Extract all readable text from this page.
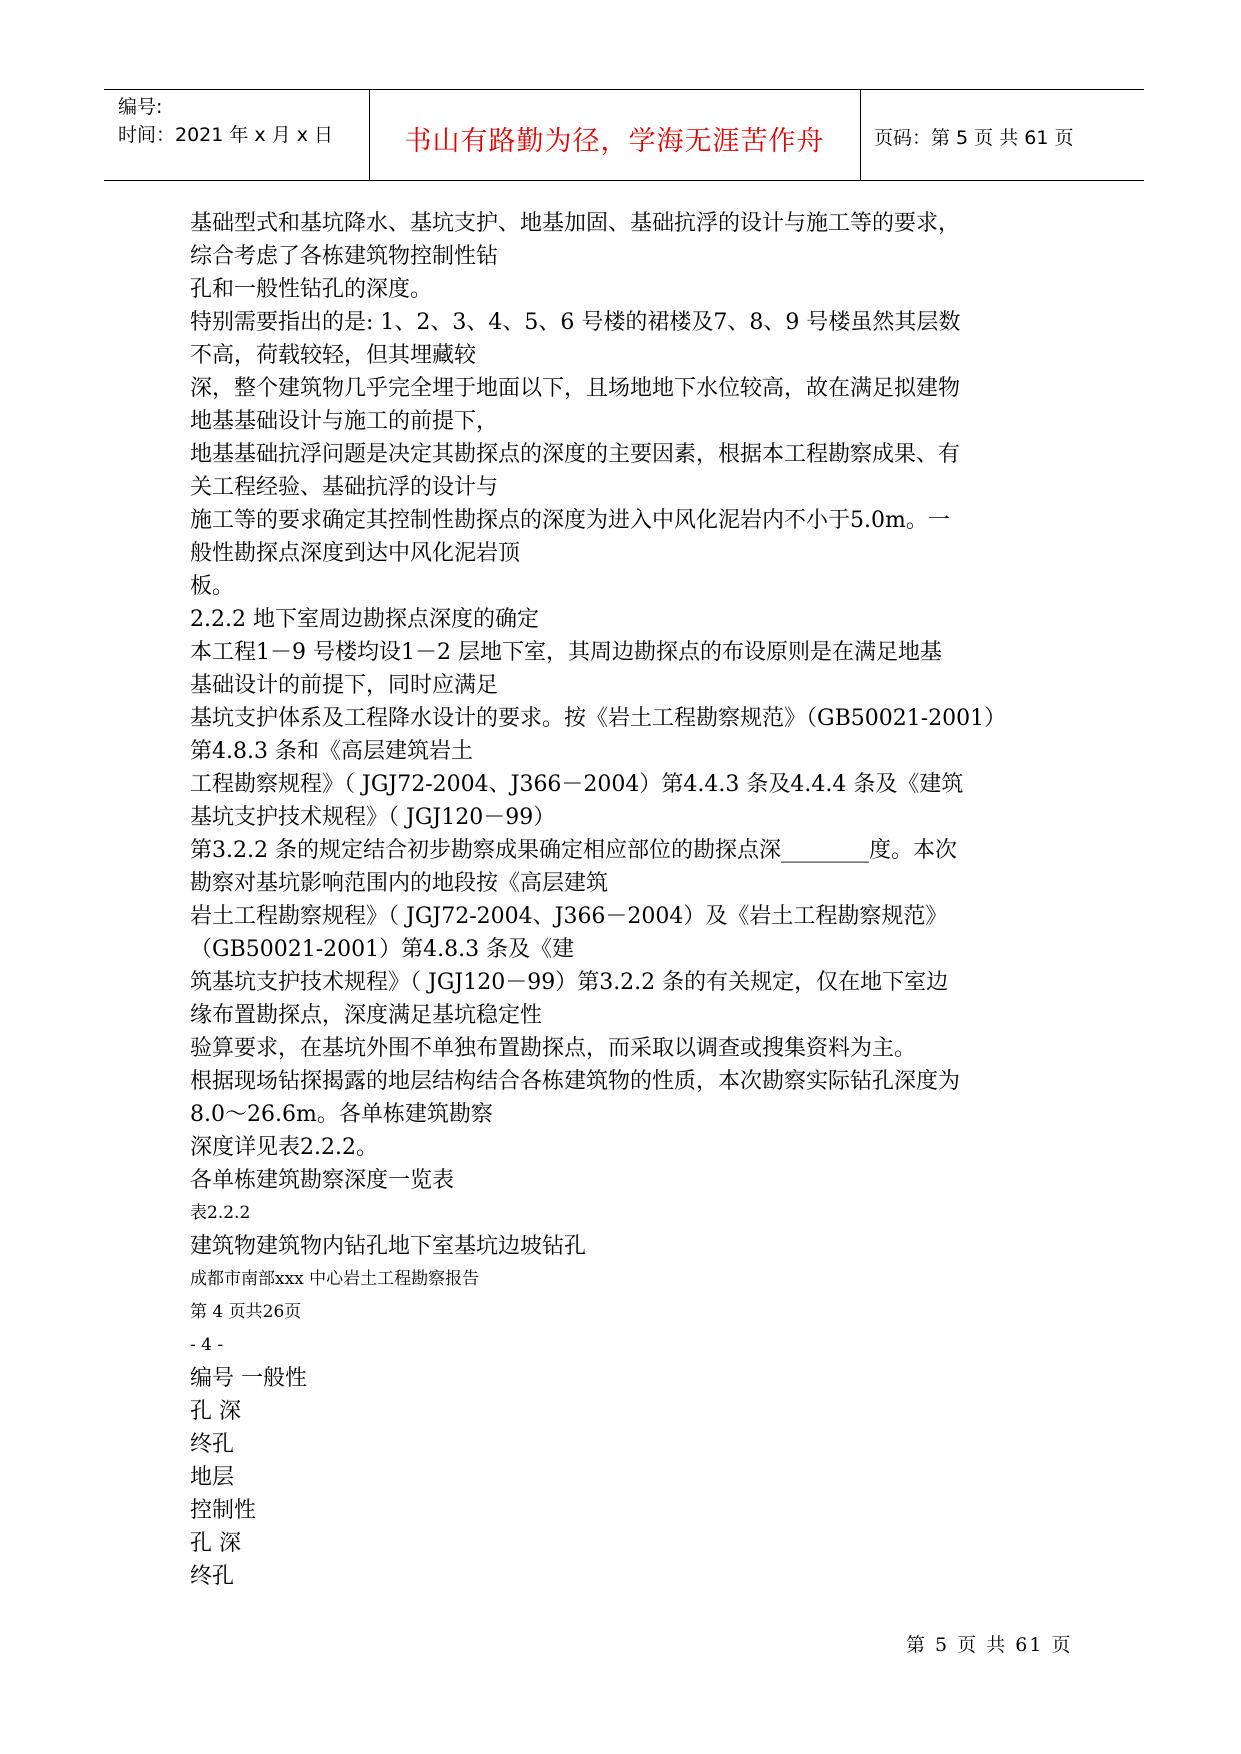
编号:
时间：2021 年 x 月 x 日	书山有路勤为径，学海无涯苦作舟	页码：第 5 页 共 61 页
基础型式和基坑降水、基坑支护、地基加固、基础抗浮的设计与施工等的要求，
综合考虑了各栋建筑物控制性钻
孔和一般性钻孔的深度。
特别需要指出的是: 1、2、3、4、5、6 号楼的裙楼及7、8、9 号楼虽然其层数
不高，荷载较轻，但其埋藏较
深，整个建筑物几乎完全埋于地面以下，且场地地下水位较高，故在满足拟建物
地基基础设计与施工的前提下，
地基基础抗浮问题是决定其勘探点的深度的主要因素，根据本工程勘察成果、有
关工程经验、基础抗浮的设计与
施工等的要求确定其控制性勘探点的深度为进入中风化泥岩内不小于5.0m。一
般性勘探点深度到达中风化泥岩顶
板。
2.2.2 地下室周边勘探点深度的确定
本工程1－9 号楼均设1－2 层地下室，其周边勘探点的布设原则是在满足地基
基础设计的前提下，同时应满足
基坑支护体系及工程降水设计的要求。按《岩土工程勘察规范》（GB50021-2001）
第4.8.3 条和《高层建筑岩土
工程勘察规程》（ JGJ72-2004、J366－2004）第4.4.3 条及4.4.4 条及《建筑
基坑支护技术规程》（ JGJ120－99）
第3.2.2 条的规定结合初步勘察成果确定相应部位的勘探点深________度。本次
勘察对基坑影响范围内的地段按《高层建筑
岩土工程勘察规程》（ JGJ72-2004、J366－2004）及《岩土工程勘察规范》
（GB50021-2001）第4.8.3 条及《建
筑基坑支护技术规程》（ JGJ120－99）第3.2.2 条的有关规定，仅在地下室边
缘布置勘探点，深度满足基坑稳定性
验算要求，在基坑外围不单独布置勘探点，而采取以调查或搜集资料为主。
根据现场钻探揭露的地层结构结合各栋建筑物的性质，本次勘察实际钻孔深度为
8.0～26.6m。各单栋建筑勘察
深度详见表2.2.2。
各单栋建筑勘察深度一览表
表2.2.2
建筑物建筑物内钻孔地下室基坑边坡钻孔
成都市南部xxx 中心岩土工程勘察报告
第 4 页共26页
- 4 -
编号 一般性
孔 深
终孔
地层
控制性
孔 深
终孔
第 5 页 共 61 页
